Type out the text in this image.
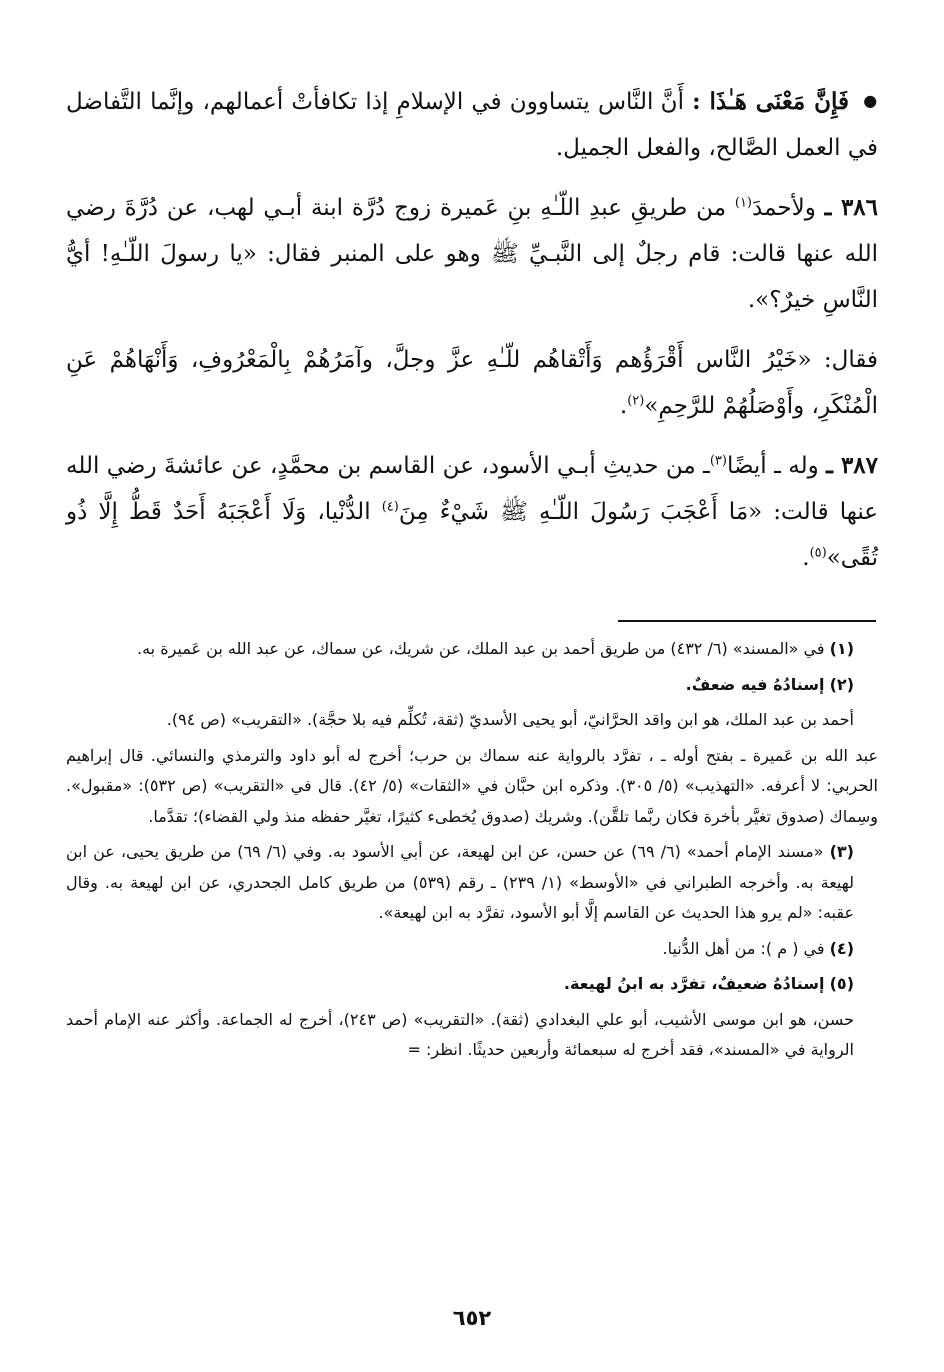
● فَإِنَّ مَعْنَى هَـٰذَا : أَنَّ النَّاس يتساوون في الإسلامِ إذا تكافأتْ أعمالهم، وإنَّما التَّفاضل في العمل الصَّالح، والفعل الجميل.

٣٨٦ ـ ولأحمدَ$^{(١)}$ من طريقِ عبدِ اللّـٰهِ بنِ عَميرة زوج دُرَّة ابنة أبـي لهب، عن دُرَّةَ رضي الله عنها قالت: قام رجلٌ إلى النَّبـيِّ ﷺ وهو على المنبر فقال: «يا رسولَ اللّـٰهِ! أيُّ النَّاسِ خيرٌ؟».

فقال: «خَيْرُ النَّاس أَقْرَؤُهم وَأَتْقاهُم للّـٰهِ عزَّ وجلَّ، وآمَرُهُمْ بِالْمَعْرُوفِ، وَأَنْهَاهُمْ عَنِ الْمُنْكَرِ، وأَوْصَلُهُمْ للرَّحِمِ»$^{(٢)}$.

٣٨٧ ـ وله ـ أيضًا$^{(٣)}$ـ من حديثِ أبـي الأسود، عن القاسم بن محمَّدٍ، عن عائشةَ رضي الله عنها قالت: «مَا أَعْجَبَ رَسُولَ اللّـٰهِ ﷺ شَيْءٌ مِنَ$^{(٤)}$ الدُّنْيا، وَلَا أَعْجَبَهُ أَحَدٌ قَطُّ إِلَّا ذُو تُقًى»$^{(٥)}$.

(١) في «المسند» (٦/ ٤٣٢) من طريق أحمد بن عبد الملك، عن شريك، عن سماك، عن عبد الله بن عَميرة به.

(٢) إسنادُهُ فيه ضعفٌ.

أحمد بن عبد الملك، هو ابن واقد الحرَّانيّ، أبو يحيى الأسديّ (ثقة، تُكلِّم فيه بلا حجَّة). «التقريب» (ص ٩٤).

عبد الله بن عَميرة ـ بفتح أوله ـ ، تفرَّد بالرواية عنه سماك بن حرب؛ أخرج له أبو داود والترمذي والنسائي. قال إبراهيم الحربي: لا أعرفه. «التهذيب» (٥/ ٣٠٥). وذكره ابن حبَّان في «الثقات» (٥/ ٤٢). قال في «التقريب» (ص ٥٣٢): «مقبول». وسِماك (صدوق تغيَّر بأخرة فكان ربَّما تلقَّن). وشريك (صدوق يُخطىء كثيرًا، تغيَّر حفظه منذ ولي القضاء)؛ تقدَّما.

(٣) «مسند الإمام أحمد» (٦/ ٦٩) عن حسن، عن ابن لهيعة، عن أبي الأسود به. وفي (٦/ ٦٩) من طريق يحيى، عن ابن لهيعة به. وأخرجه الطبراني في «الأوسط» (١/ ٢٣٩) ـ رقم (٥٣٩) من طريق كامل الجحدري، عن ابن لهيعة به. وقال عقبه: «لم يرو هذا الحديث عن القاسم إلَّا أبو الأسود، تفرَّد به ابن لهيعة».

(٤) في ( م ): من أهل الدُّنيا.

(٥) إسنادُهُ ضعيفٌ، تفرَّد به ابنُ لهيعة.

حسن، هو ابن موسى الأشيب، أبو علي البغدادي (ثقة). «التقريب» (ص ٢٤٣)، أخرج له الجماعة. وأكثر عنه الإمام أحمد الرواية في «المسند»، فقد أخرج له سبعمائة وأربعين حديثًا. انظر: =

٦٥٢
